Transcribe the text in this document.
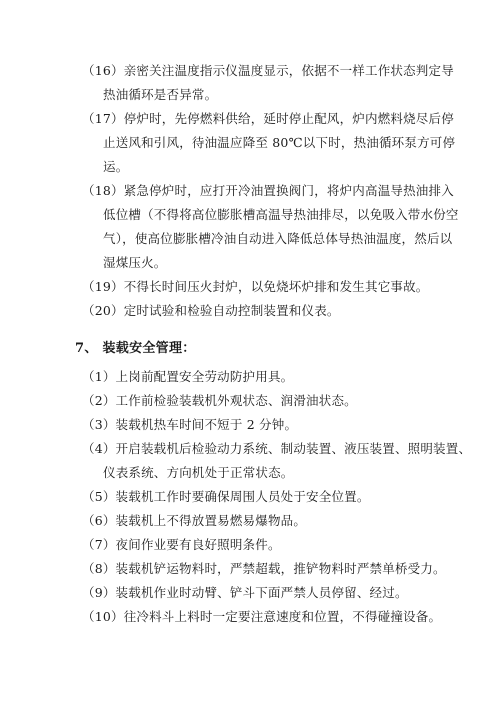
（16）亲密关注温度指示仪温度显示，依据不一样工作状态判定导
热油循环是否异常。
（17）停炉时，先停燃料供给，延时停止配风，炉内燃料烧尽后停
止送风和引风，待油温应降至 80℃以下时，热油循环泵方可停
运。
（18）紧急停炉时，应打开冷油置换阀门，将炉内高温导热油排入
低位槽（不得将高位膨胀槽高温导热油排尽，以免吸入带水份空
气），使高位膨胀槽冷油自动进入降低总体导热油温度，然后以
湿煤压火。
（19）不得长时间压火封炉，以免烧坏炉排和发生其它事故。
（20）定时试验和检验自动控制装置和仪表。
7、 装载安全管理：
（1）上岗前配置安全劳动防护用具。
（2）工作前检验装载机外观状态、润滑油状态。
（3）装载机热车时间不短于 2 分钟。
（4）开启装载机后检验动力系统、制动装置、液压装置、照明装置、
仪表系统、方向机处于正常状态。
（5）装载机工作时要确保周围人员处于安全位置。
（6）装载机上不得放置易燃易爆物品。
（7）夜间作业要有良好照明条件。
（8）装载机铲运物料时，严禁超载，推铲物料时严禁单桥受力。
（9）装载机作业时动臂、铲斗下面严禁人员停留、经过。
（10）往冷料斗上料时一定要注意速度和位置，不得碰撞设备。
